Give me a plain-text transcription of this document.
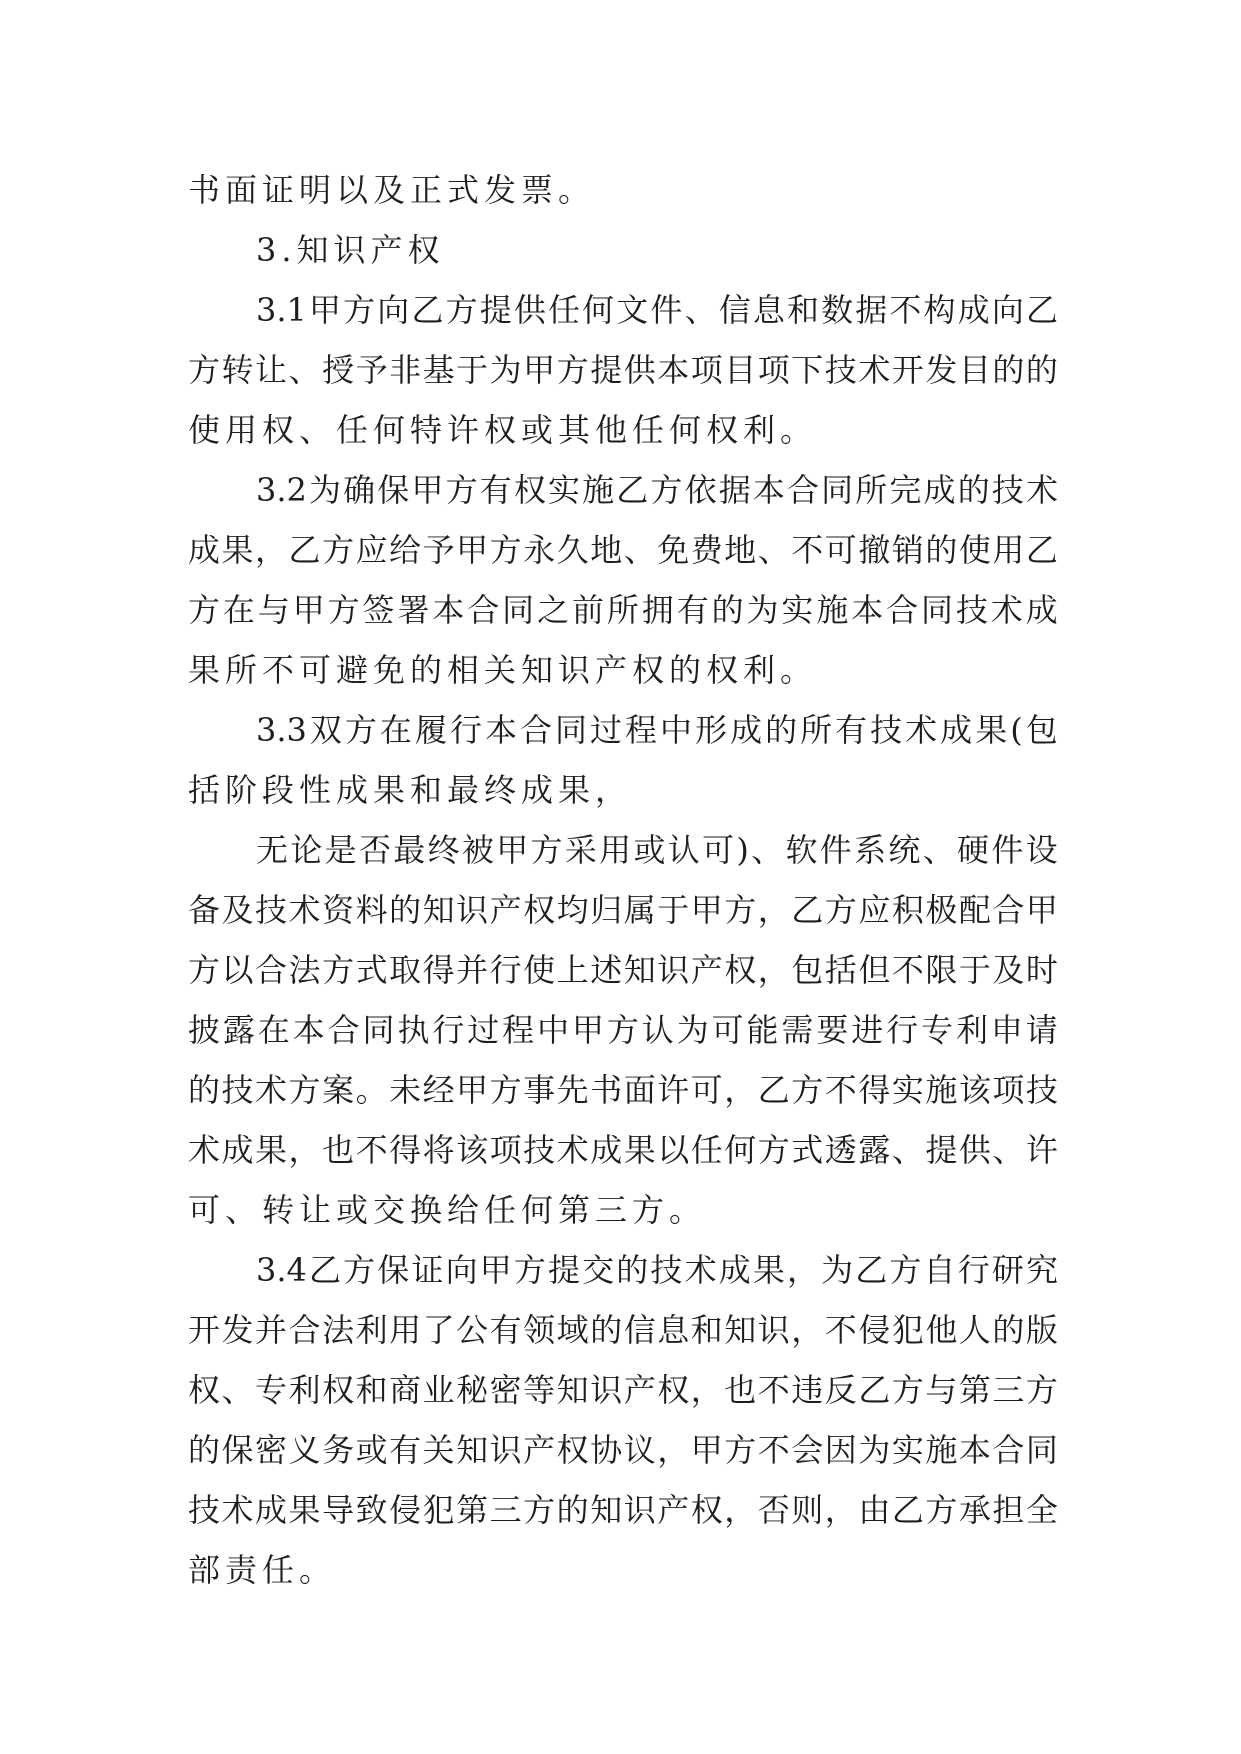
书面证明以及正式发票。
3.知识产权
3.1 甲 方 向 乙 方 提 供 任 何 文 件 、 信 息 和 数 据 不 构 成 向 乙
方 转 让 、 授 予 非 基 于 为 甲 方 提 供 本 项 目 项 下 技 术 开 发 目 的 的
使用权、任何特许权或其他任何权利。
3.2 为 确 保 甲 方 有 权 实 施 乙 方 依 据 本 合 同 所 完 成 的 技 术
成 果 ， 乙 方 应 给 予 甲 方 永 久 地 、 免 费 地 、 不 可 撤 销 的 使 用 乙
方 在 与 甲 方 签 署 本 合 同 之 前 所 拥 有 的 为 实 施 本 合 同 技 术 成
果所不可避免的相关知识产权的权利。
3.3 双 方 在 履 行 本 合 同 过 程 中 形 成 的 所 有 技 术 成 果 ( 包
括阶段性成果和最终成果，
无 论 是 否 最 终 被 甲 方 采 用 或 认 可 ) 、 软 件 系 统 、 硬 件 设
备 及 技 术 资 料 的 知 识 产 权 均 归 属 于 甲 方 ， 乙 方 应 积 极 配 合 甲
方 以 合 法 方 式 取 得 并 行 使 上 述 知 识 产 权 ， 包 括 但 不 限 于 及 时
披 露 在 本 合 同 执 行 过 程 中 甲 方 认 为 可 能 需 要 进 行 专 利 申 请
的 技 术 方 案 。 未 经 甲 方 事 先 书 面 许 可 ， 乙 方 不 得 实 施 该 项 技
术 成 果 ， 也 不 得 将 该 项 技 术 成 果 以 任 何 方 式 透 露 、 提 供 、 许
可、转让或交换给任何第三方。
3.4 乙 方 保 证 向 甲 方 提 交 的 技 术 成 果 ， 为 乙 方 自 行 研 究
开 发 并 合 法 利 用 了 公 有 领 域 的 信 息 和 知 识 ， 不 侵 犯 他 人 的 版
权 、 专 利 权 和 商 业 秘 密 等 知 识 产 权 ， 也 不 违 反 乙 方 与 第 三 方
的 保 密 义 务 或 有 关 知 识 产 权 协 议 ， 甲 方 不 会 因 为 实 施 本 合 同
技 术 成 果 导 致 侵 犯 第 三 方 的 知 识 产 权 ， 否 则 ， 由 乙 方 承 担 全
部责任。
